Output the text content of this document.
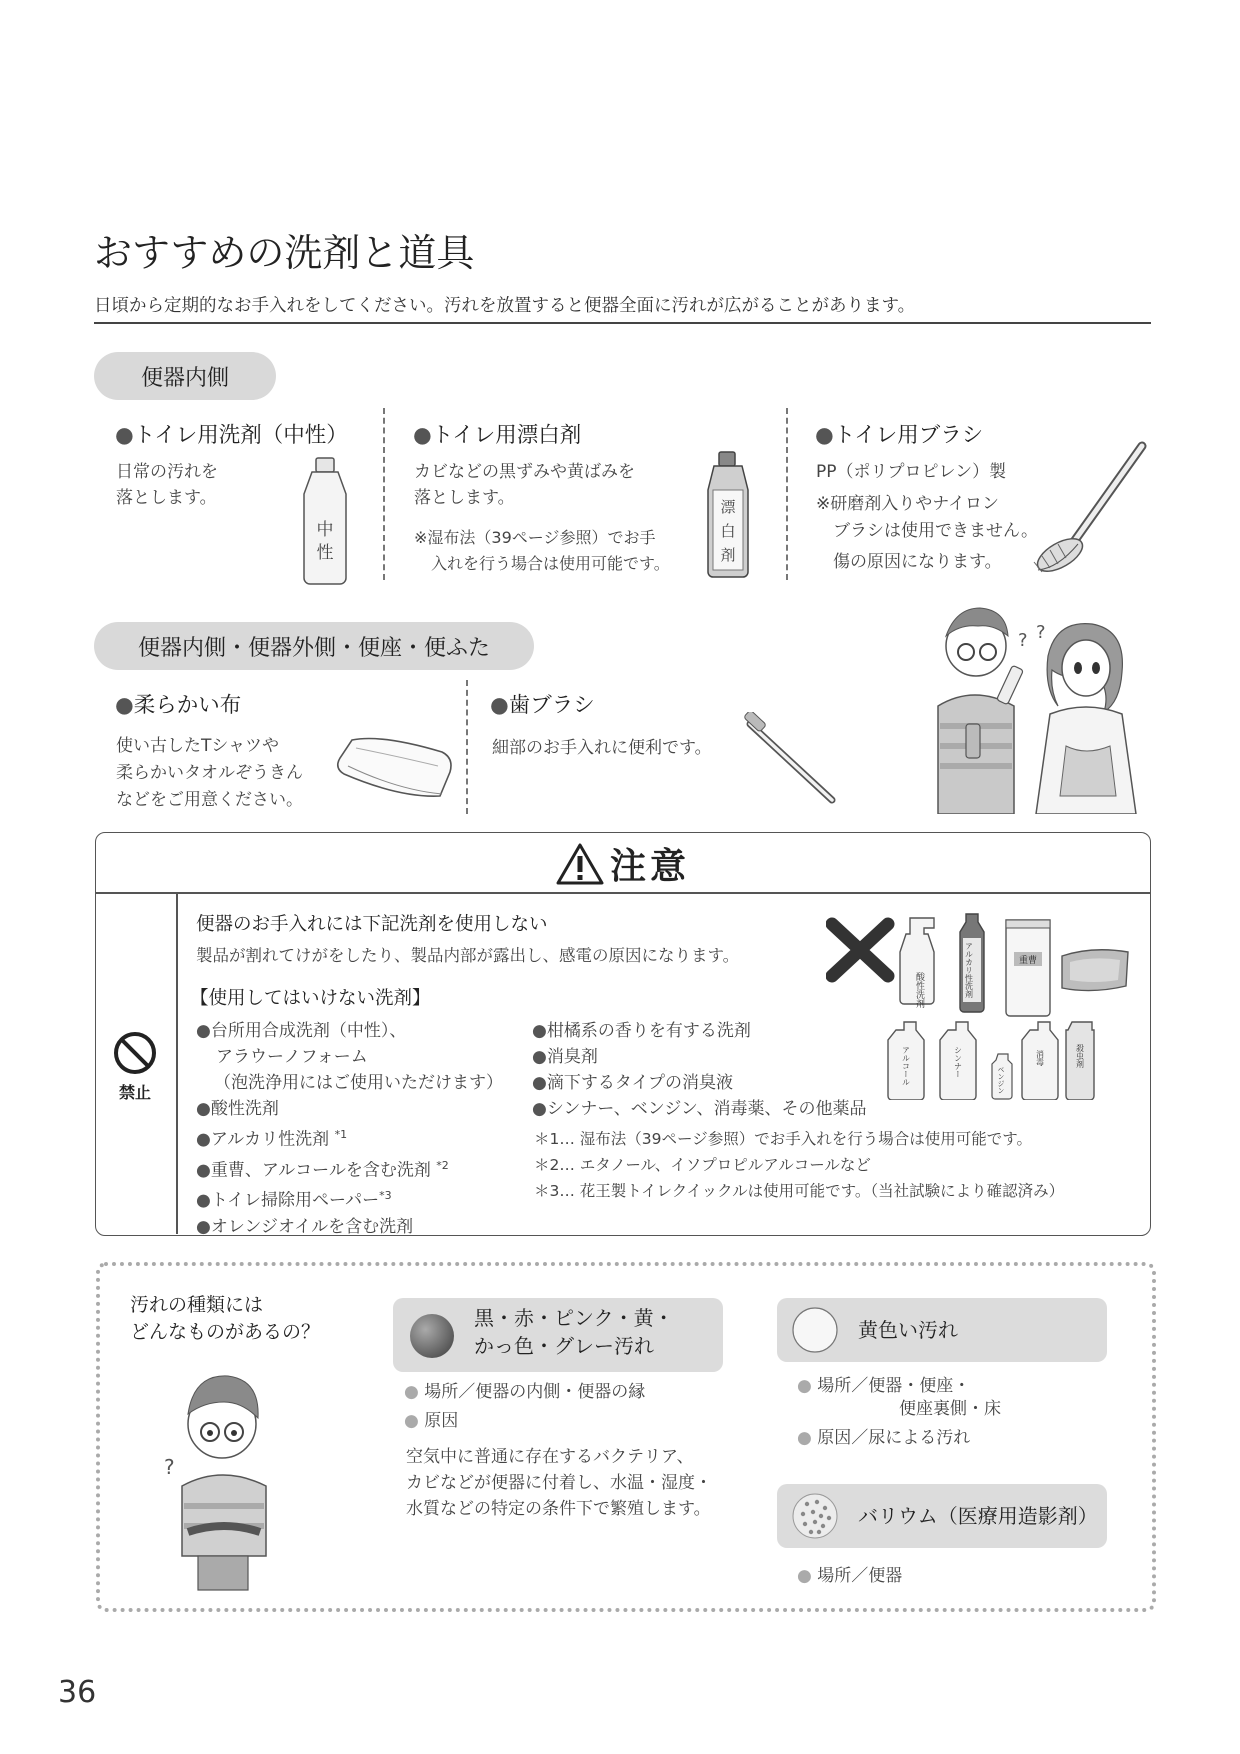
おすすめの洗剤と道具
日頃から定期的なお手入れをしてください。汚れを放置すると便器全面に汚れが広がることがあります。
便器内側
●トイレ用洗剤（中性）
日常の汚れを
落とします。
中
性
●トイレ用漂白剤
カビなどの黒ずみや黄ばみを
落とします。
※湿布法（39ページ参照）でお手
入れを行う場合は使用可能です。
漂
白
剤
●トイレ用ブラシ
PP（ポリプロピレン）製
※研磨剤入りやナイロン
ブラシは使用できません。
傷の原因になります。
便器内側・便器外側・便座・便ふた
●柔らかい布
使い古したTシャツや
柔らかいタオルぞうきん
などをご用意ください。
●歯ブラシ
細部のお手入れに便利です。
? ?
注意
禁止
便器のお手入れには下記洗剤を使用しない
製品が割れてけがをしたり、製品内部が露出し、感電の原因になります。
【使用してはいけない洗剤】
●台所用合成洗剤（中性）、
アラウーノフォーム
（泡洗浄用にはご使用いただけます）
●酸性洗剤
●アルカリ性洗剤 $^{*1}$
●重曹、アルコールを含む洗剤 $^{*2}$
●トイレ掃除用ペーパー$^{*3}$
●オレンジオイルを含む洗剤
●柑橘系の香りを有する洗剤
●消臭剤
●滴下するタイプの消臭液
●シンナー、ベンジン、消毒薬、その他薬品
＊1… 湿布法（39ページ参照）でお手入れを行う場合は使用可能です。
＊2… エタノール、イソプロピルアルコールなど
＊3… 花王製トイレクイックルは使用可能です。（当社試験により確認済み）
酸性洗剤	アルカリ性洗剤	重曹
アルコール	シンナー
ベンジン
消毒	殺虫剤
汚れの種類には
どんなものがあるの？
?
黒・赤・ピンク・黄・
かっ色・グレー汚れ
● 場所／便器の内側・便器の縁
● 原因
空気中に普通に存在するバクテリア、
カビなどが便器に付着し、水温・湿度・
水質などの特定の条件下で繁殖します。
黄色い汚れ
● 場所／便器・便座・
便座裏側・床
● 原因／尿による汚れ
バリウム（医療用造影剤）
● 場所／便器
36
